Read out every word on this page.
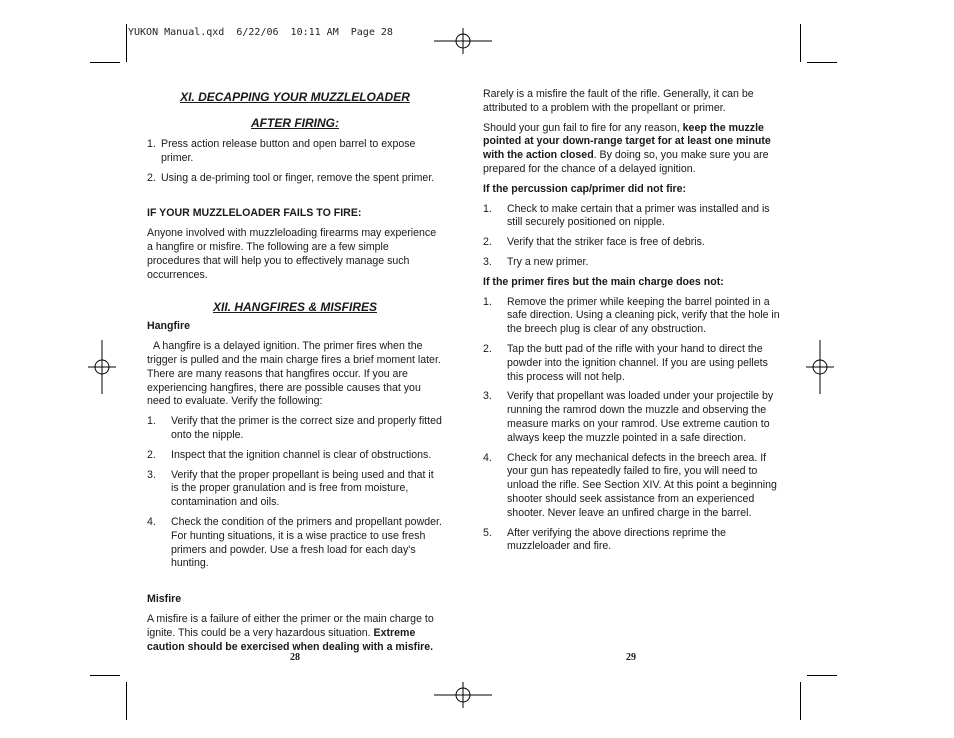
YUKON Manual.qxd  6/22/06  10:11 AM  Page 28
XI. DECAPPING YOUR MUZZLELOADER
AFTER FIRING:
1. Press action release button and open barrel to expose primer.
2. Using a de-priming tool or finger, remove the spent primer.
IF YOUR MUZZLELOADER FAILS TO FIRE:

Anyone involved with muzzleloading firearms may experience a hangfire or misfire. The following are a few simple procedures that will help you to effectively manage such occurrences.

XII. HANGFIRES & MISFIRES
Hangfire

A hangfire is a delayed ignition. The primer fires when the trigger is pulled and the main charge fires a brief moment later. There are many reasons that hangfires occur. If you are experiencing hangfires, there are possible causes that you need to evaluate. Verify the following:

1. Verify that the primer is the correct size and properly fitted onto the nipple.
2. Inspect that the ignition channel is clear of obstructions.
3. Verify that the proper propellant is being used and that it is the proper granulation and is free from moisture, contamination and oils.
4. Check the condition of the primers and propellant powder. For hunting situations, it is a wise practice to use fresh primers and powder. Use a fresh load for each day's hunting.
Misfire

A misfire is a failure of either the primer or the main charge to ignite. This could be a very hazardous situation. Extreme caution should be exercised when dealing with a misfire.

28

Rarely is a misfire the fault of the rifle. Generally, it can be attributed to a problem with the propellant or primer.

Should your gun fail to fire for any reason, keep the muzzle pointed at your down-range target for at least one minute with the action closed. By doing so, you make sure you are prepared for the chance of a delayed ignition.

If the percussion cap/primer did not fire:
1. Check to make certain that a primer was installed and is still securely positioned on nipple.
2. Verify that the striker face is free of debris.
3. Try a new primer.
If the primer fires but the main charge does not:
1. Remove the primer while keeping the barrel pointed in a safe direction. Using a cleaning pick, verify that the hole in the breech plug is clear of any obstruction.
2. Tap the butt pad of the rifle with your hand to direct the powder into the ignition channel. If you are using pellets this process will not help.
3. Verify that propellant was loaded under your projectile by running the ramrod down the muzzle and observing the measure marks on your ramrod. Use extreme caution to always keep the muzzle pointed in a safe direction.
4. Check for any mechanical defects in the breech area. If your gun has repeatedly failed to fire, you will need to unload the rifle. See Section XIV. At this point a beginning shooter should seek assistance from an experienced shooter. Never leave an unfired charge in the barrel.
5. After verifying the above directions reprime the muzzleloader and fire.
29
